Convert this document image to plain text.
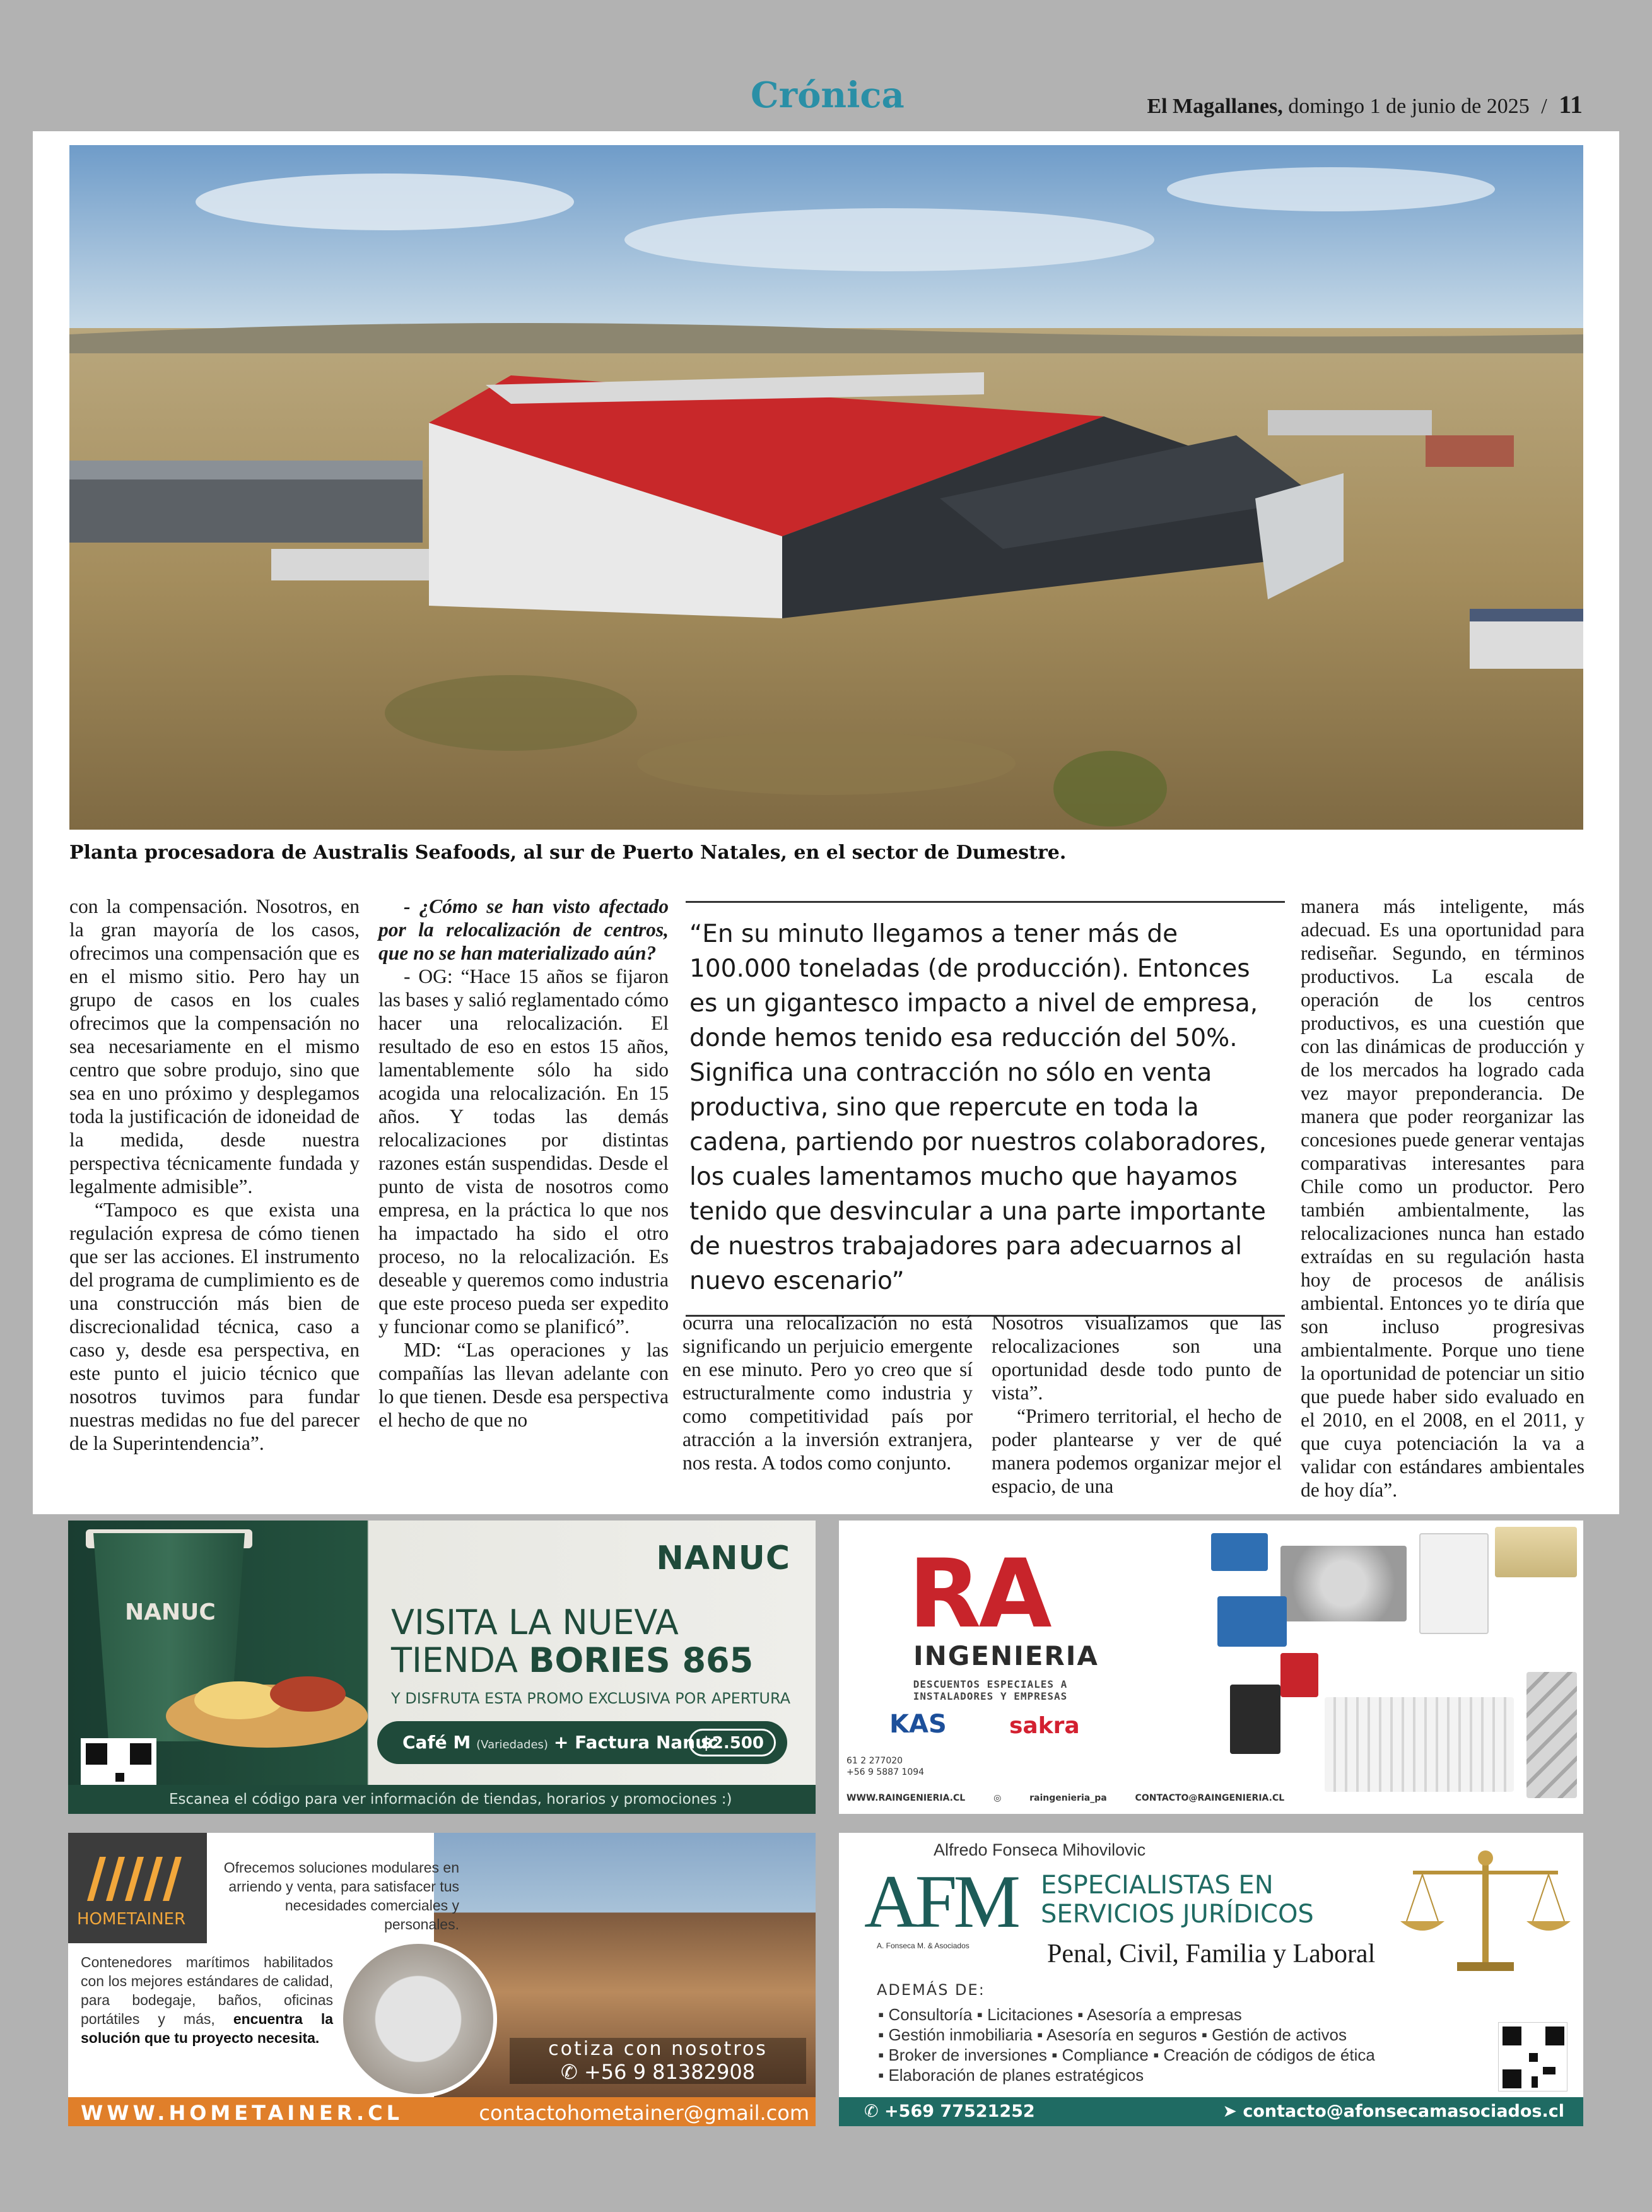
Crónica	El Magallanes, domingo 1 de junio de 2025 / 11
Planta procesadora de Australis Seafoods, al sur de Puerto Natales, en el sector de Dumestre.

con la compensación. Nosotros, en la gran mayoría de los casos, ofrecimos una compensación que es en el mismo sitio. Pero hay un grupo de casos en los cuales ofrecimos que la compensación no sea necesariamente en el mismo centro que sobre produjo, sino que sea en uno próximo y desplegamos toda la justificación de idoneidad de la medida, desde nuestra perspectiva técnicamente fundada y legalmente admisible”.

“Tampoco es que exista una regulación expresa de cómo tienen que ser las acciones. El instrumento del programa de cumplimiento es de una construcción más bien de discrecionalidad técnica, caso a caso y, desde esa perspectiva, en este punto el juicio técnico que nosotros tuvimos para fundar nuestras medidas no fue del parecer de la Superintendencia”.

- ¿Cómo se han visto afectado por la relocalización de centros, que no se han materializado aún?

- OG: “Hace 15 años se fijaron las bases y salió reglamentado cómo hacer una relocalización. El resultado de eso en estos 15 años, lamentablemente sólo ha sido acogida una relocalización. En 15 años. Y todas las demás relocalizaciones por distintas razones están suspendidas. Desde el punto de vista de nosotros como empresa, en la práctica lo que nos ha impactado ha sido el otro proceso, no la relocalización. Es deseable y queremos como industria que este proceso pueda ser expedito y funcionar como se planificó”.

MD: “Las operaciones y las compañías las llevan adelante con lo que tienen. Desde esa perspectiva el hecho de que no

“En su minuto llegamos a tener más de 100.000 toneladas (de producción). Entonces es un gigantesco impacto a nivel de empresa, donde hemos tenido esa reducción del 50%. Significa una contracción no sólo en venta productiva, sino que repercute en toda la cadena, partiendo por nuestros colaboradores, los cuales lamentamos mucho que hayamos tenido que desvincular a una parte importante de nuestros trabajadores para adecuarnos al nuevo escenario”

ocurra una relocalización no está significando un perjuicio emergente en ese minuto. Pero yo creo que sí estructuralmente como industria y como competitividad país por atracción a la inversión extranjera, nos resta. A todos como conjunto.

Nosotros visualizamos que las relocalizaciones son una oportunidad desde todo punto de vista”.

“Primero territorial, el hecho de poder plantearse y ver de qué manera podemos organizar mejor el espacio, de una

manera más inteligente, más adecuad. Es una oportunidad para rediseñar. Segundo, en términos productivos. La escala de operación de los centros productivos, es una cuestión que con las dinámicas de producción y de los mercados ha logrado cada vez mayor preponderancia. De manera que poder reorganizar las concesiones puede generar ventajas comparativas interesantes para Chile como un productor. Pero también ambientalmente, las relocalizaciones nunca han estado extraídas en su regulación hasta hoy de procesos de análisis ambiental. Entonces yo te diría que son incluso progresivas ambientalmente. Porque uno tiene la oportunidad de potenciar un sitio que puede haber sido evaluado en el 2010, en el 2008, en el 2011, y que cuya potenciación la va a validar con estándares ambientales de hoy día”.

NANUC
NANUC
VISITA LA NUEVA
TIENDA BORIES 865
Y DISFRUTA ESTA PROMO EXCLUSIVA POR APERTURA
Café M (Variedades) + Factura Nanuc
$2.500
Escanea el código para ver información de tiendas, horarios y promociones :)
RA
INGENIERIA
DESCUENTOS ESPECIALES A INSTALADORES Y EMPRESAS
KAS	sakra
61 2 277020
+56 9 5887 1094
WWW.RAINGENIERIA.CL	◎	raingenieria_pa	CONTACTO@RAINGENIERIA.CL
HOMETAINER
Ofrecemos soluciones modulares en arriendo y venta, para satisfacer tus necesidades comerciales y personales.
Contenedores marítimos habilitados con los mejores estándares de calidad, para bodegaje, baños, oficinas portátiles y más, encuentra la solución que tu proyecto necesita.	cotiza con nosotros
✆ +56 9 81382908
WWW.HOMETAINER.CL	contactohometainer@gmail.com
Alfredo Fonseca Mihovilovic
AFM
A. Fonseca M. & Asociados
ESPECIALISTAS EN
SERVICIOS JURÍDICOS
Penal, Civil, Familia y Laboral
ADEMÁS DE:
▪ Consultoría ▪ Licitaciones ▪ Asesoría a empresas
▪ Gestión inmobiliaria ▪ Asesoría en seguros ▪ Gestión de activos
▪ Broker de inversiones ▪ Compliance ▪ Creación de códigos de ética
▪ Elaboración de planes estratégicos
✆ +569 77521252	➤ contacto@afonsecamasociados.cl
